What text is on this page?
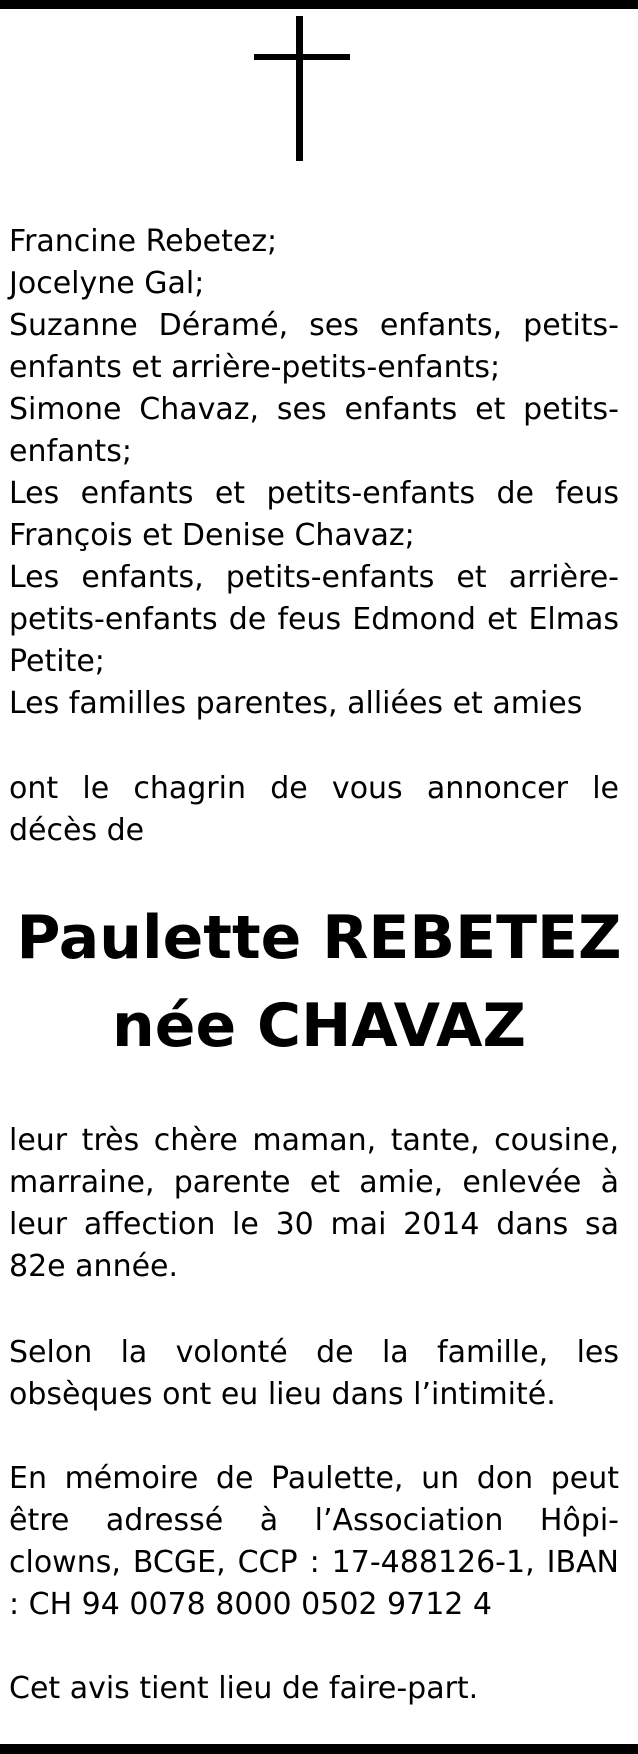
Francine Rebetez;
Jocelyne Gal;
Suzanne Déramé, ses enfants, petits-enfants et arrière-petits-enfants;
Simone Chavaz, ses enfants et petits-enfants;
Les enfants et petits-enfants de feus François et Denise Chavaz;
Les enfants, petits-enfants et arrière-petits-enfants de feus Edmond et Elmas Petite;
Les familles parentes, alliées et amies
ont le chagrin de vous annoncer le décès de
Paulette REBETEZ
née CHAVAZ
leur très chère maman, tante, cousine, marraine, parente et amie, enlevée à leur affection le 30 mai 2014 dans sa 82e année.
Selon la volonté de la famille, les obsèques ont eu lieu dans l’intimité.
En mémoire de Paulette, un don peut être adressé à l’Association Hôpi-clowns, BCGE, CCP : 17-488126-1, IBAN : CH 94 0078 8000 0502 9712 4
Cet avis tient lieu de faire-part.
